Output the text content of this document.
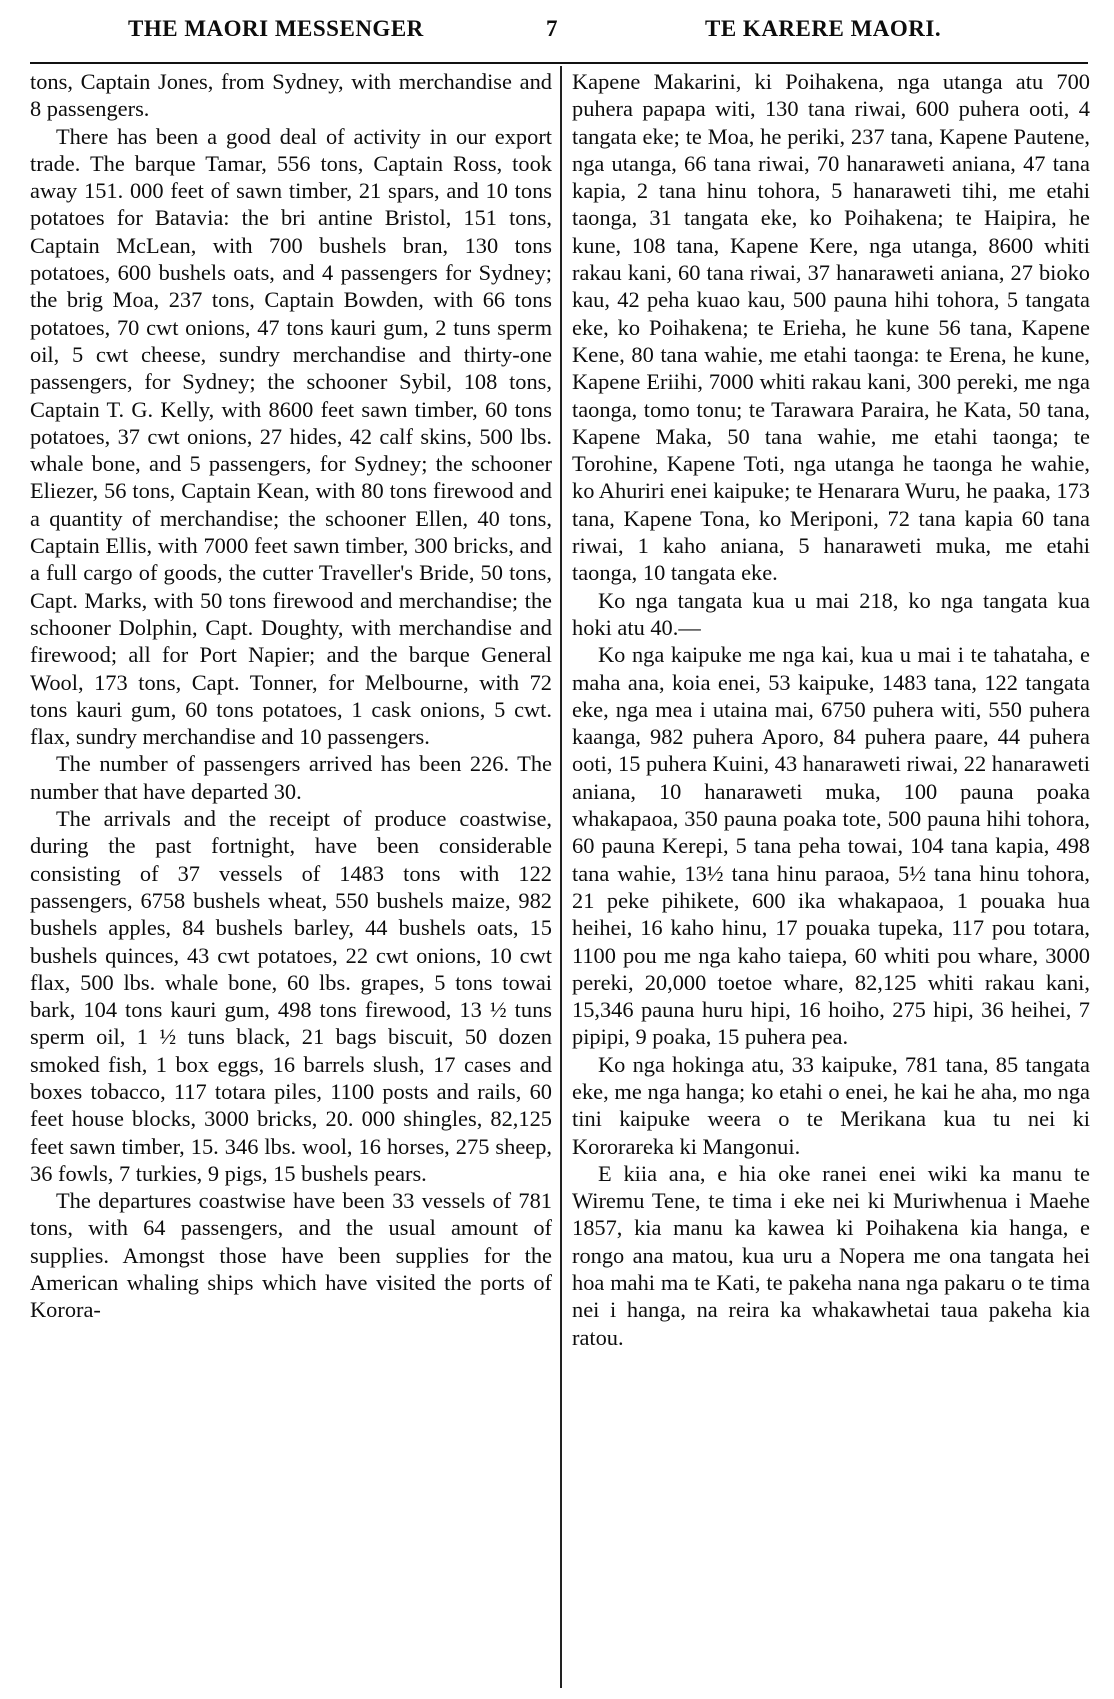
THE MAORI MESSENGER	7	TE KARERE MAORI.

tons, Captain Jones, from Sydney, with merchandise and 8 passengers.

There has been a good deal of activity in our export trade. The barque Tamar, 556 tons, Captain Ross, took away 151. 000 feet of sawn timber, 21 spars, and 10 tons potatoes for Batavia: the bri antine Bristol, 151 tons, Captain McLean, with 700 bushels bran, 130 tons potatoes, 600 bushels oats, and 4 passengers for Sydney; the brig Moa, 237 tons, Captain Bowden, with 66 tons potatoes, 70 cwt onions, 47 tons kauri gum, 2 tuns sperm oil, 5 cwt cheese, sundry merchandise and thirty-one passengers, for Sydney; the schooner Sybil, 108 tons, Captain T. G. Kelly, with 8600 feet sawn timber, 60 tons potatoes, 37 cwt onions, 27 hides, 42 calf skins, 500 lbs. whale bone, and 5 passengers, for Sydney; the schooner Eliezer, 56 tons, Captain Kean, with 80 tons firewood and a quantity of merchandise; the schooner Ellen, 40 tons, Captain Ellis, with 7000 feet sawn timber, 300 bricks, and a full cargo of goods, the cutter Traveller's Bride, 50 tons, Capt. Marks, with 50 tons firewood and merchandise; the schooner Dolphin, Capt. Doughty, with merchandise and firewood; all for Port Napier; and the barque General Wool, 173 tons, Capt. Tonner, for Melbourne, with 72 tons kauri gum, 60 tons potatoes, 1 cask onions, 5 cwt. flax, sundry merchandise and 10 passengers.

The number of passengers arrived has been 226. The number that have departed 30.

The arrivals and the receipt of produce coastwise, during the past fortnight, have been considerable consisting of 37 vessels of 1483 tons with 122 passengers, 6758 bushels wheat, 550 bushels maize, 982 bushels apples, 84 bushels barley, 44 bushels oats, 15 bushels quinces, 43 cwt potatoes, 22 cwt onions, 10 cwt flax, 500 lbs. whale bone, 60 lbs. grapes, 5 tons towai bark, 104 tons kauri gum, 498 tons firewood, 13 ½ tuns sperm oil, 1 ½ tuns black, 21 bags biscuit, 50 dozen smoked fish, 1 box eggs, 16 barrels slush, 17 cases and boxes tobacco, 117 totara piles, 1100 posts and rails, 60 feet house blocks, 3000 bricks, 20. 000 shingles, 82,125 feet sawn timber, 15. 346 lbs. wool, 16 horses, 275 sheep, 36 fowls, 7 turkies, 9 pigs, 15 bushels pears.

The departures coastwise have been 33 vessels of 781 tons, with 64 passengers, and the usual amount of supplies. Amongst those have been supplies for the American whaling ships which have visited the ports of Korora-

Kapene Makarini, ki Poihakena, nga utanga atu 700 puhera papapa witi, 130 tana riwai, 600 puhera ooti, 4 tangata eke; te Moa, he periki, 237 tana, Kapene Pautene, nga utanga, 66 tana riwai, 70 hanaraweti aniana, 47 tana kapia, 2 tana hinu tohora, 5 hanaraweti tihi, me etahi taonga, 31 tangata eke, ko Poihakena; te Haipira, he kune, 108 tana, Kapene Kere, nga utanga, 8600 whiti rakau kani, 60 tana riwai, 37 hanaraweti aniana, 27 bioko kau, 42 peha kuao kau, 500 pauna hihi tohora, 5 tangata eke, ko Poihakena; te Erieha, he kune 56 tana, Kapene Kene, 80 tana wahie, me etahi taonga: te Erena, he kune, Kapene Eriihi, 7000 whiti rakau kani, 300 pereki, me nga taonga, tomo tonu; te Tarawara Paraira, he Kata, 50 tana, Kapene Maka, 50 tana wahie, me etahi taonga; te Torohine, Kapene Toti, nga utanga he taonga he wahie, ko Ahuriri enei kaipuke; te Henarara Wuru, he paaka, 173 tana, Kapene Tona, ko Meriponi, 72 tana kapia 60 tana riwai, 1 kaho aniana, 5 hanaraweti muka, me etahi taonga, 10 tangata eke.

Ko nga tangata kua u mai 218, ko nga tangata kua hoki atu 40.—

Ko nga kaipuke me nga kai, kua u mai i te tahataha, e maha ana, koia enei, 53 kaipuke, 1483 tana, 122 tangata eke, nga mea i utaina mai, 6750 puhera witi, 550 puhera kaanga, 982 puhera Aporo, 84 puhera paare, 44 puhera ooti, 15 puhera Kuini, 43 hanaraweti riwai, 22 hanaraweti aniana, 10 hanaraweti muka, 100 pauna poaka whakapaoa, 350 pauna poaka tote, 500 pauna hihi tohora, 60 pauna Kerepi, 5 tana peha towai, 104 tana kapia, 498 tana wahie, 13½ tana hinu paraoa, 5½ tana hinu tohora, 21 peke pihikete, 600 ika whakapaoa, 1 pouaka hua heihei, 16 kaho hinu, 17 pouaka tupeka, 117 pou totara, 1100 pou me nga kaho taiepa, 60 whiti pou whare, 3000 pereki, 20,000 toetoe whare, 82,125 whiti rakau kani, 15,346 pauna huru hipi, 16 hoiho, 275 hipi, 36 heihei, 7 pipipi, 9 poaka, 15 puhera pea.

Ko nga hokinga atu, 33 kaipuke, 781 tana, 85 tangata eke, me nga hanga; ko etahi o enei, he kai he aha, mo nga tini kaipuke weera o te Merikana kua tu nei ki Kororareka ki Mangonui.

E kiia ana, e hia oke ranei enei wiki ka manu te Wiremu Tene, te tima i eke nei ki Muriwhenua i Maehe 1857, kia manu ka kawea ki Poihakena kia hanga, e rongo ana matou, kua uru a Nopera me ona tangata hei hoa mahi ma te Kati, te pakeha nana nga pakaru o te tima nei i hanga, na reira ka whakawhetai taua pakeha kia ratou.
